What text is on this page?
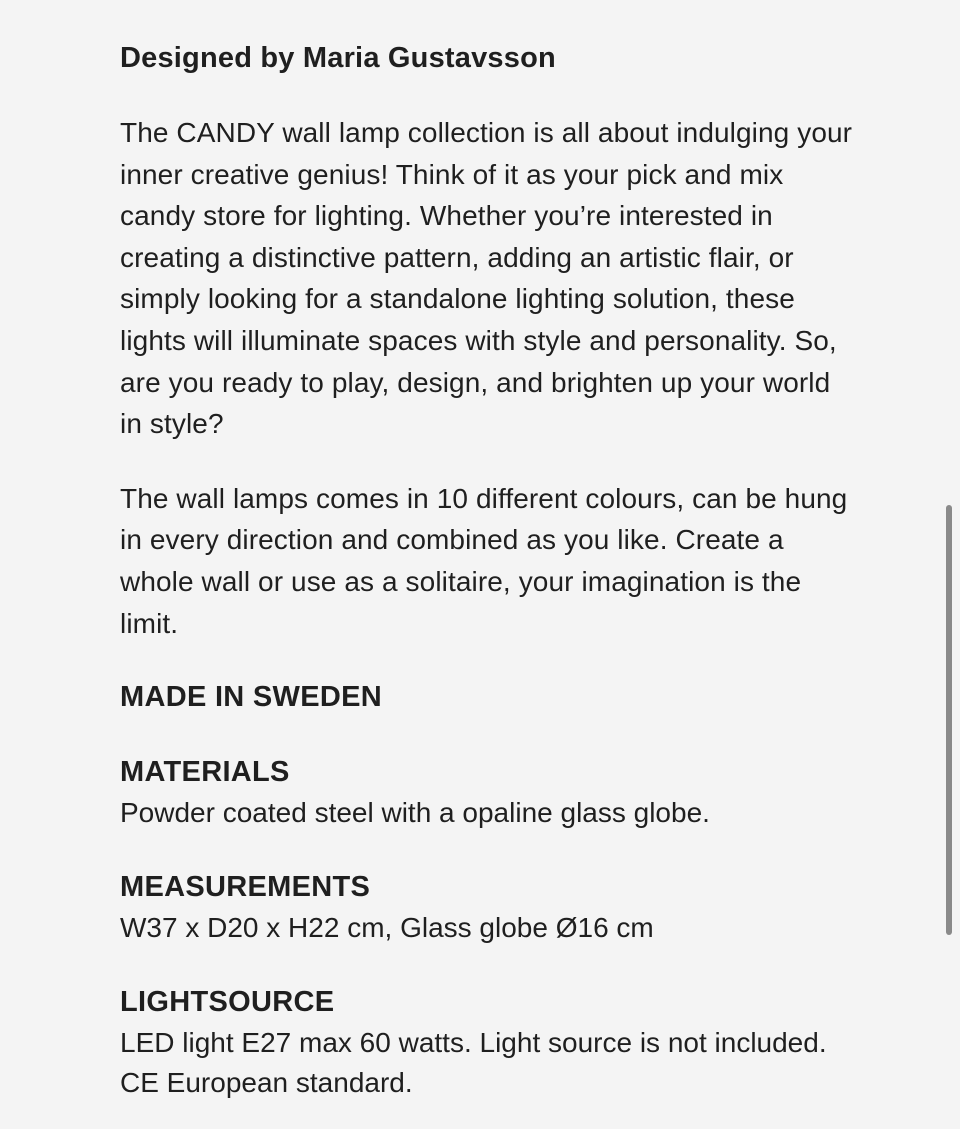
Designed by Maria Gustavsson

The CANDY wall lamp collection is all about indulging your inner creative genius! Think of it as your pick and mix candy store for lighting. Whether you’re interested in creating a distinctive pattern, adding an artistic flair, or simply looking for a standalone lighting solution, these lights will illuminate spaces with style and personality. So, are you ready to play, design, and brighten up your world in style?

The wall lamps comes in 10 different colours, can be hung in every direction and combined as you like. Create a whole wall or use as a solitaire, your imagination is the limit.

MADE IN SWEDEN
MATERIALS

Powder coated steel with a opaline glass globe.

MEASUREMENTS

W37 x D20 x H22 cm, Glass globe Ø16 cm

LIGHTSOURCE

LED light E27 max 60 watts. Light source is not included.

CE European standard.
